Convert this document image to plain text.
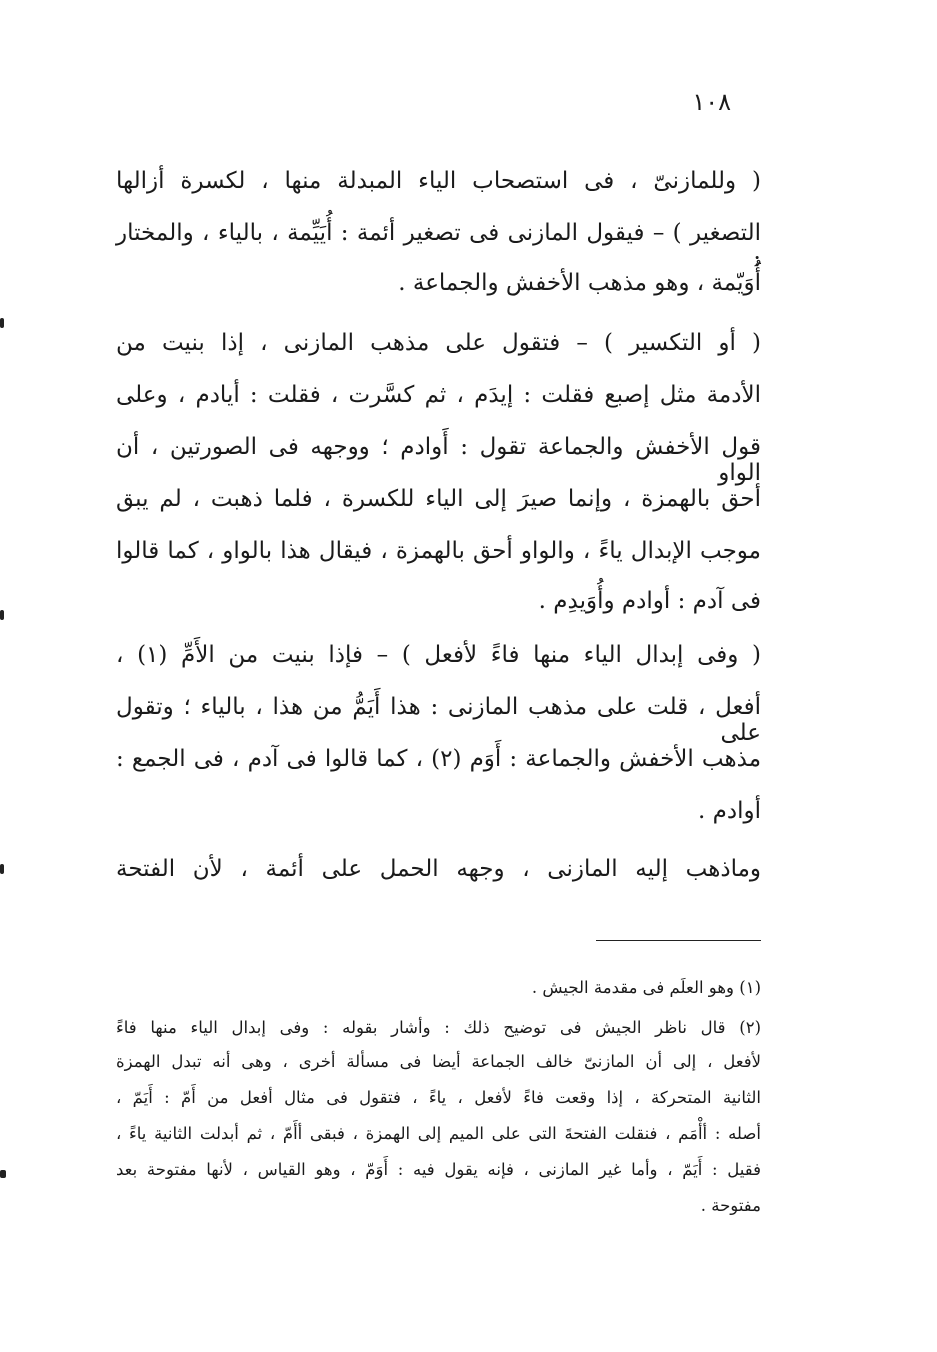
١٠٨
( وللمازنىّ ، فى استصحاب الياء المبدلة منها ، لكسرة أزالها
التصغير ) – فيقول المازنى فى تصغير أئمة : أُيَيِّمة ، بالياء ، والمختار :
أُوَيّمة ، وهو مذهب الأخفش والجماعة .
( أو التكسير ) – فتقول على مذهب المازنى ، إذا بنيت من
الأدمة مثل إصبع فقلت : إيدَم ، ثم كسَّرت ، فقلت : أيادم ، وعلى
قول الأخفش والجماعة تقول : أَوادم ؛ ووجهه فى الصورتين ، أن الواو
أحق بالهمزة ، وإنما صيرَ إلى الياء للكسرة ، فلما ذهبت ، لم يبق
موجب الإبدال ياءً ، والواو أحق بالهمزة ، فيقال هذا بالواو ، كما قالوا
فى آدم : أوادم وأُوَيدِم .
( وفى إبدال الياء منها فاءً لأفعل ) – فإذا بنيت من الأَمِّ (١) ،
أفعل ، قلت على مذهب المازنى : هذا أَيَمُّ من هذا ، بالياء ؛ وتقول على
مذهب الأخفش والجماعة : أَوَم (٢) ، كما قالوا فى آدم ، فى الجمع :
أوادم .
وماذهب إليه المازنى ، وجهه الحمل على أئمة ، لأن الفتحة
(١) وهو العلَم فى مقدمة الجيش .
(٢) قال ناظر الجيش فى توضيح ذلك : وأشار بقوله : وفى إبدال الياء منها فاءً
لأفعل ، إلى أن المازنىّ خالف الجماعة أيضا فى مسألة أخرى ، وهى أنه تبدل الهمزة
الثانية المتحركة ، إذا وقعت فاءً لأفعل ، ياءً ، فتقول فى مثال أفعل من أَمّ : أَيَمّ ،
أصله : أأْمَم ، فنقلت الفتحةَ التى على الميم إلى الهمزة ، فبقى أأَمّ ، ثم أبدلت الثانية ياءً ،
فقيل : أَيَمّ ، وأما غير المازنى ، فإنه يقول فيه : أَوَمّ ، وهو القياس ، لأنها مفتوحة بعد
مفتوحة .
